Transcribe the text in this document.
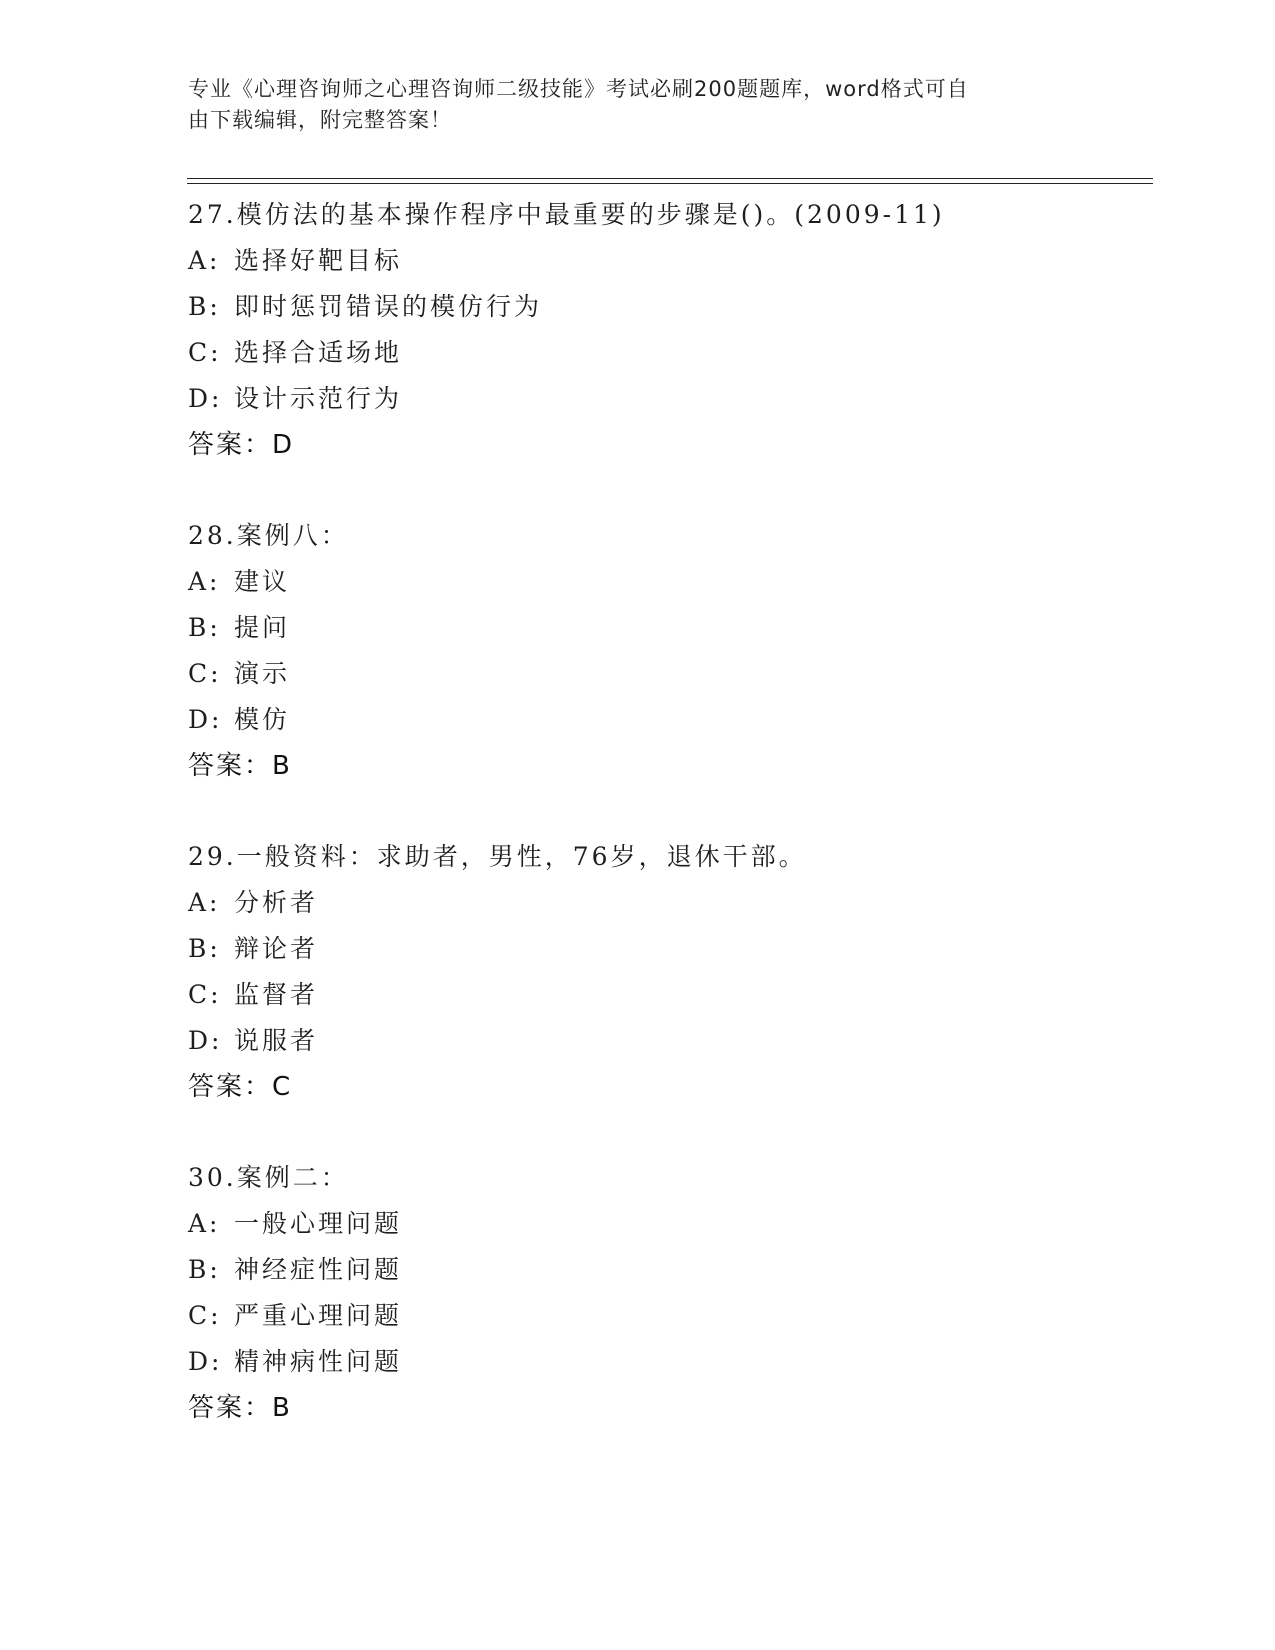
专业《心理咨询师之心理咨询师二级技能》考试必刷200题题库，word格式可自
由下载编辑，附完整答案！
27.模仿法的基本操作程序中最重要的步骤是()。(2009-11)
A: 选择好靶目标
B: 即时惩罚错误的模仿行为
C: 选择合适场地
D: 设计示范行为
答案：D
28.案例八：
A: 建议
B: 提问
C: 演示
D: 模仿
答案：B
29.一般资料：求助者，男性，76岁，退休干部。
A: 分析者
B: 辩论者
C: 监督者
D: 说服者
答案：C
30.案例二：
A: 一般心理问题
B: 神经症性问题
C: 严重心理问题
D: 精神病性问题
答案：B
